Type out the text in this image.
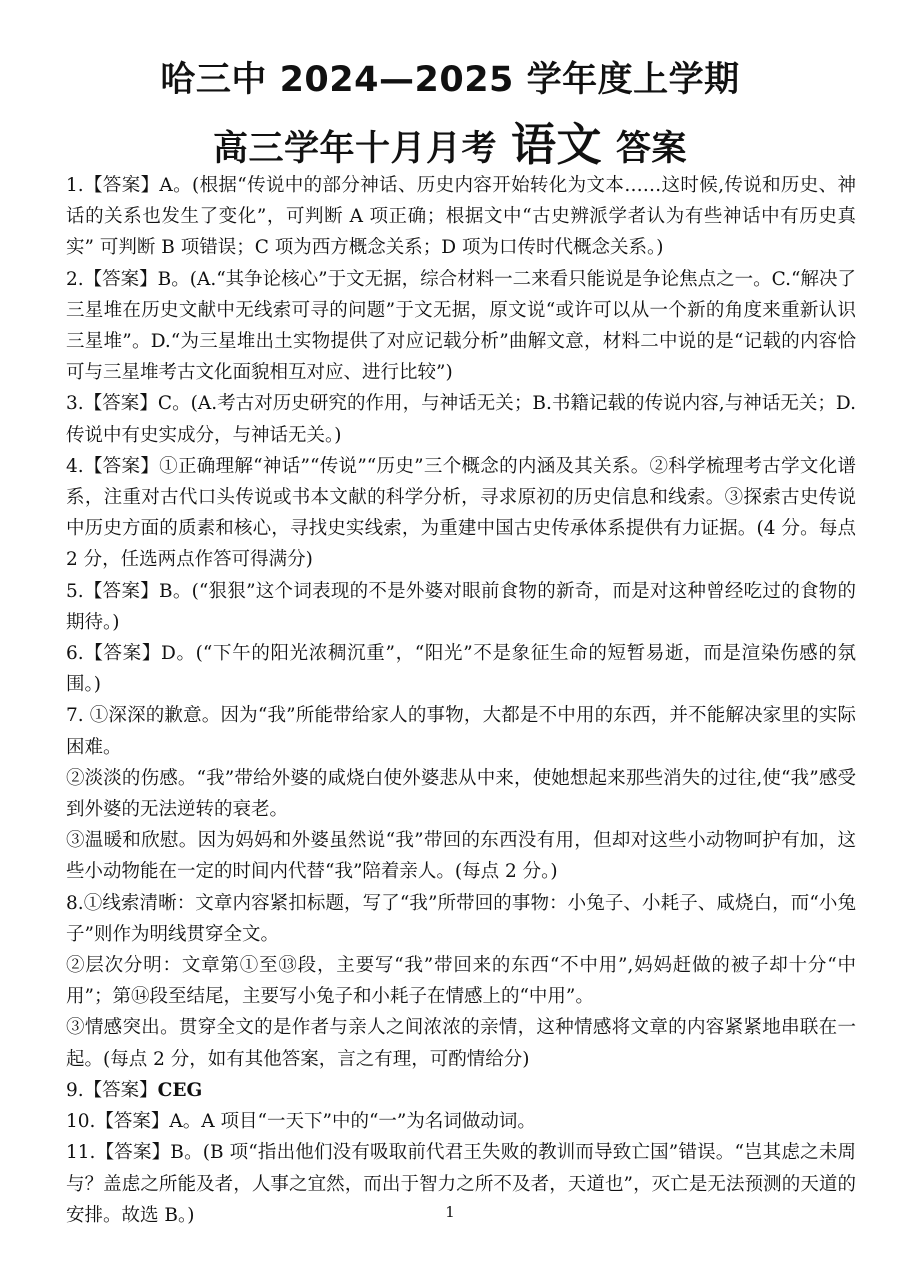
哈三中 2024—2025 学年度上学期
高三学年十月月考 语文 答案

1.【答案】A。(根据“传说中的部分神话、历史内容开始转化为文本……这时候,传说和历史、神话的关系也发生了变化”，可判断 A 项正确；根据文中“古史辨派学者认为有些神话中有历史真实” 可判断 B 项错误；C 项为西方概念关系；D 项为口传时代概念关系。)

2.【答案】B。(A.“其争论核心”于文无据，综合材料一二来看只能说是争论焦点之一。C.“解决了三星堆在历史文献中无线索可寻的问题”于文无据，原文说“或许可以从一个新的角度来重新认识三星堆”。D.“为三星堆出土实物提供了对应记载分析”曲解文意，材料二中说的是“记载的内容恰可与三星堆考古文化面貌相互对应、进行比较”)

3.【答案】C。(A.考古对历史研究的作用，与神话无关；B.书籍记载的传说内容,与神话无关；D.传说中有史实成分，与神话无关。)

4.【答案】①正确理解“神话”“传说”“历史”三个概念的内涵及其关系。②科学梳理考古学文化谱系，注重对古代口头传说或书本文献的科学分析，寻求原初的历史信息和线索。③探索古史传说中历史方面的质素和核心，寻找史实线索，为重建中国古史传承体系提供有力证据。(4 分。每点 2 分，任选两点作答可得满分)

5.【答案】B。(“狠狠”这个词表现的不是外婆对眼前食物的新奇，而是对这种曾经吃过的食物的期待。)

6.【答案】D。(“下午的阳光浓稠沉重”，“阳光”不是象征生命的短暂易逝，而是渲染伤感的氛围。)

7. ①深深的歉意。因为“我”所能带给家人的事物，大都是不中用的东西，并不能解决家里的实际困难。

②淡淡的伤感。“我”带给外婆的咸烧白使外婆悲从中来，使她想起来那些消失的过往,使“我”感受到外婆的无法逆转的衰老。

③温暖和欣慰。因为妈妈和外婆虽然说“我”带回的东西没有用，但却对这些小动物呵护有加，这些小动物能在一定的时间内代替“我”陪着亲人。(每点 2 分。)

8.①线索清晰：文章内容紧扣标题，写了“我”所带回的事物：小兔子、小耗子、咸烧白，而“小兔子”则作为明线贯穿全文。

②层次分明：文章第①至⑬段，主要写“我”带回来的东西“不中用”,妈妈赶做的被子却十分“中用”；第⑭段至结尾，主要写小兔子和小耗子在情感上的“中用”。

③情感突出。贯穿全文的是作者与亲人之间浓浓的亲情，这种情感将文章的内容紧紧地串联在一起。(每点 2 分，如有其他答案，言之有理，可酌情给分)

9.【答案】CEG

10.【答案】A。A 项目“一天下”中的“一”为名词做动词。

11.【答案】B。(B 项“指出他们没有吸取前代君王失败的教训而导致亡国”错误。“岂其虑之未周与？盖虑之所能及者，人事之宜然，而出于智力之所不及者，天道也”，灭亡是无法预测的天道的安排。故选 B。)	1
